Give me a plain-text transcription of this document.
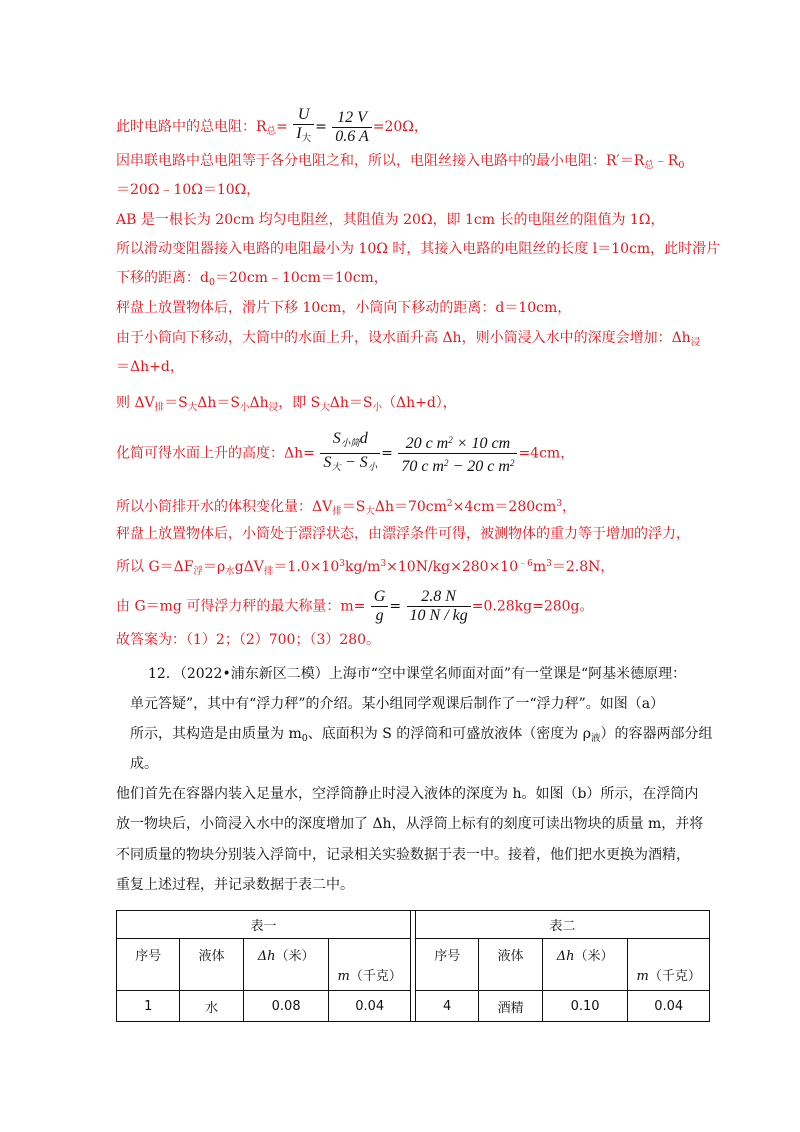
此时电路中的总电阻：$R_总= \frac{U}{I_大} = \frac{12 V}{0.6 A} =20\Omega$，
因串联电路中总电阻等于各分电阻之和，所以，电阻丝接入电路中的最小电阻：$R'=R_总﹣R_0$
＝20Ω﹣10Ω＝10Ω，
AB 是一根长为 20cm 均匀电阻丝，其阻值为 20Ω，即 1cm 长的电阻丝的阻值为 1Ω，
所以滑动变阻器接入电路的电阻最小为 10Ω 时，其接入电路的电阻丝的长度 l＝10cm，此时滑片
下移的距离：$d_0=20cm﹣10cm=10cm$，
秤盘上放置物体后，滑片下移 10cm，小筒向下移动的距离：d＝10cm，
由于小筒向下移动，大筒中的水面上升，设水面升高 Δh，则小筒浸入水中的深度会增加：$\Delta h_浸$
＝Δh+d，
则 $\Delta V_排=S_大\Delta h=S_小\Delta h_浸$，即 $S_大\Delta h=S_小(\Delta h+d)$，
化简可得水面上升的高度：$\Delta h= \frac{S_{小筒}d}{S_大 - S_小} = \frac{20 c m^2 \times 10 cm}{70 c m^2 - 20 c m^2} =4cm$，
所以小筒排开水的体积变化量：$\Delta V_排=S_大\Delta h=70cm^2\times 4cm=280cm^3$，
秤盘上放置物体后，小筒处于漂浮状态，由漂浮条件可得，被测物体的重力等于增加的浮力，
所以 $G=\Delta F_浮=\rho_水g\Delta V_排=1.0\times 10^3kg/m^3\times 10N/kg\times 280\times 10^{﹣6}m^3=2.8N$，
由 G＝mg 可得浮力秤的最大称量：$m= \frac{G}{g} = \frac{2.8 N}{10 N / kg} =0.28kg=280g$。
故答案为：（1）2；（2）700；（3）280。
12．（2022•浦东新区二模）上海市“空中课堂名师面对面”有一堂课是“阿基米德原理：
单元答疑”，其中有“浮力秤”的介绍。某小组同学观课后制作了一“浮力秤”。如图（a）
所示，其构造是由质量为 $m_0$、底面积为 S 的浮筒和可盛放液体（密度为 $\rho_液$）的容器两部分组
成。
他们首先在容器内装入足量水，空浮筒静止时浸入液体的深度为 h。如图（b）所示，在浮筒内
放一物块后，小筒浸入水中的深度增加了 Δh，从浮筒上标有的刻度可读出物块的质量 m，并将
不同质量的物块分别装入浮筒中，记录相关实验数据于表一中。接着，他们把水更换为酒精，
重复上述过程，并记录数据于表二中。
表一					表二			
序号	液体	Δh（米）	m（千克）		序号	液体	Δh（米）	m（千克）
1	水	0.08	0.04		4	酒精	0.10	0.04
